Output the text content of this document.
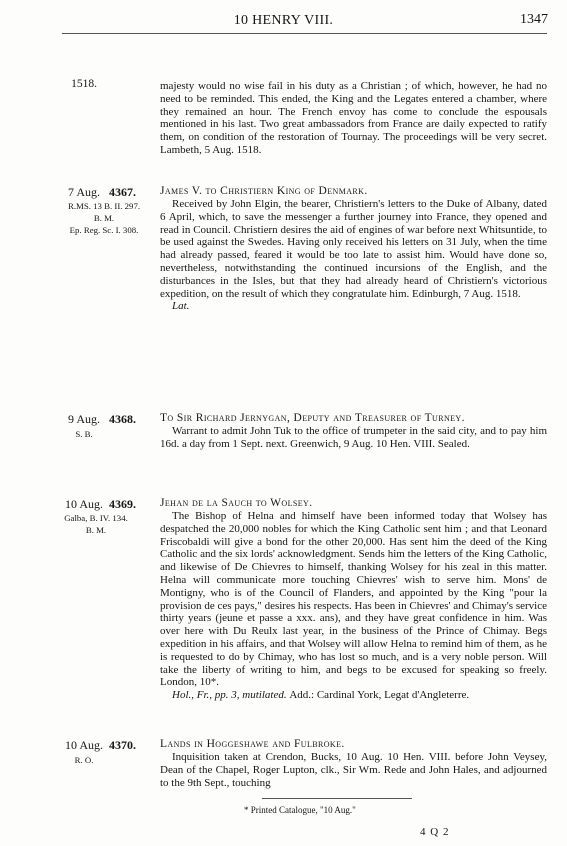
10 HENRY VIII.	1347
1518.	majesty would no wise fail in his duty as a Christian ; of which, however, he had no need to be reminded. This ended, the King and the Legates entered a chamber, where they remained an hour. The French envoy has come to conclude the espousals mentioned in his last. Two great ambassadors from France are daily expected to ratify them, on condition of the restoration of Tournay. The proceedings will be very secret. Lambeth, 5 Aug. 1518.

7 Aug. 4367.
R.MS. 13 B. II. 297.
B. M.
Ep. Reg. Sc. I. 308.
James V. to Christiern King of Denmark.

Received by John Elgin, the bearer, Christiern's letters to the Duke of Albany, dated 6 April, which, to save the messenger a further journey into France, they opened and read in Council. Christiern desires the aid of engines of war before next Whitsuntide, to be used against the Swedes. Having only received his letters on 31 July, when the time had already passed, feared it would be too late to assist him. Would have done so, nevertheless, notwithstanding the continued incursions of the English, and the disturbances in the Isles, but that they had already heard of Christiern's victorious expedition, on the result of which they congratulate him. Edinburgh, 7 Aug. 1518.

Lat.

9 Aug. 4368.
S. B.
To Sir Richard Jernygan, Deputy and Treasurer of Turney.

Warrant to admit John Tuk to the office of trumpeter in the said city, and to pay him 16d. a day from 1 Sept. next. Greenwich, 9 Aug. 10 Hen. VIII. Sealed.

10 Aug. 4369.
Galba, B. IV. 134.
B. M.
Jehan de la Sauch to Wolsey.

The Bishop of Helna and himself have been informed today that Wolsey has despatched the 20,000 nobles for which the King Catholic sent him ; and that Leonard Friscobaldi will give a bond for the other 20,000. Has sent him the deed of the King Catholic and the six lords' acknowledgment. Sends him the letters of the King Catholic, and likewise of De Chievres to himself, thanking Wolsey for his zeal in this matter. Helna will communicate more touching Chievres' wish to serve him. Mons' de Montigny, who is of the Council of Flanders, and appointed by the King "pour la provision de ces pays," desires his respects. Has been in Chievres' and Chimay's service thirty years (jeune et passe a xxx. ans), and they have great confidence in him. Was over here with Du Reulx last year, in the business of the Prince of Chimay. Begs expedition in his affairs, and that Wolsey will allow Helna to remind him of them, as he is requested to do by Chimay, who has lost so much, and is a very noble person. Will take the liberty of writing to him, and begs to be excused for speaking so freely. London, 10*.

Hol., Fr., pp. 3, mutilated. Add.: Cardinal York, Legat d'Angleterre.

10 Aug. 4370.
R. O.
Lands in Hoggeshawe and Fulbroke.

Inquisition taken at Crendon, Bucks, 10 Aug. 10 Hen. VIII. before John Veysey, Dean of the Chapel, Roger Lupton, clk., Sir Wm. Rede and John Hales, and adjourned to the 9th Sept., touching

* Printed Catalogue, "10 Aug."
4 Q 2
